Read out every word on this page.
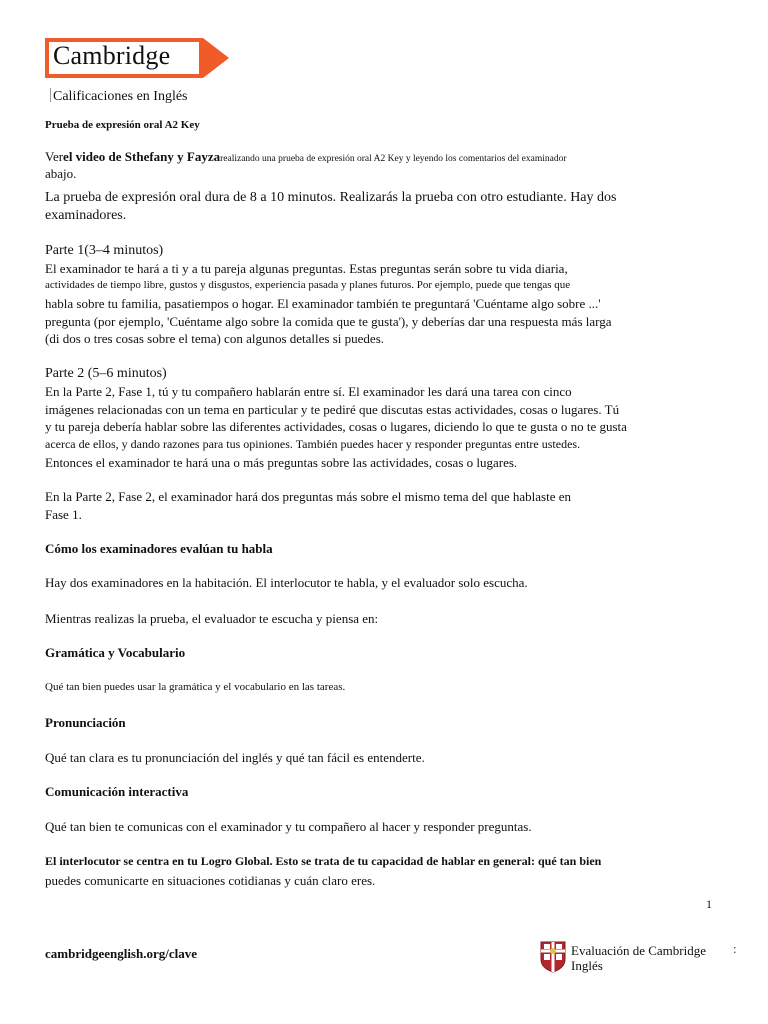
Cambridge
Calificaciones en Inglés
Prueba de expresión oral A2 Key
Verel video de Sthefany y Fayzarealizando una prueba de expresión oral A2 Key y leyendo los comentarios del examinador
abajo.
La prueba de expresión oral dura de 8 a 10 minutos. Realizarás la prueba con otro estudiante. Hay dos
examinadores.
Parte 1(3–4 minutos)
El examinador te hará a ti y a tu pareja algunas preguntas. Estas preguntas serán sobre tu vida diaria,
actividades de tiempo libre, gustos y disgustos, experiencia pasada y planes futuros. Por ejemplo, puede que tengas que
habla sobre tu familia, pasatiempos o hogar. El examinador también te preguntará 'Cuéntame algo sobre ...'
pregunta (por ejemplo, 'Cuéntame algo sobre la comida que te gusta'), y deberías dar una respuesta más larga
(di dos o tres cosas sobre el tema) con algunos detalles si puedes.
Parte 2 (5–6 minutos)
En la Parte 2, Fase 1, tú y tu compañero hablarán entre sí. El examinador les dará una tarea con cinco
imágenes relacionadas con un tema en particular y te pediré que discutas estas actividades, cosas o lugares. Tú
y tu pareja debería hablar sobre las diferentes actividades, cosas o lugares, diciendo lo que te gusta o no te gusta
acerca de ellos, y dando razones para tus opiniones. También puedes hacer y responder preguntas entre ustedes.
Entonces el examinador te hará una o más preguntas sobre las actividades, cosas o lugares.
En la Parte 2, Fase 2, el examinador hará dos preguntas más sobre el mismo tema del que hablaste en
Fase 1.
Cómo los examinadores evalúan tu habla
Hay dos examinadores en la habitación. El interlocutor te habla, y el evaluador solo escucha.
Mientras realizas la prueba, el evaluador te escucha y piensa en:
Gramática y Vocabulario
Qué tan bien puedes usar la gramática y el vocabulario en las tareas.
Pronunciación
Qué tan clara es tu pronunciación del inglés y qué tan fácil es entenderte.
Comunicación interactiva
Qué tan bien te comunicas con el examinador y tu compañero al hacer y responder preguntas.
El interlocutor se centra en tu Logro Global. Esto se trata de tu capacidad de hablar en general: qué tan bien
puedes comunicarte en situaciones cotidianas y cuán claro eres.
1
cambridgeenglish.org/clave	Evaluación de Cambridge
Inglés
:
